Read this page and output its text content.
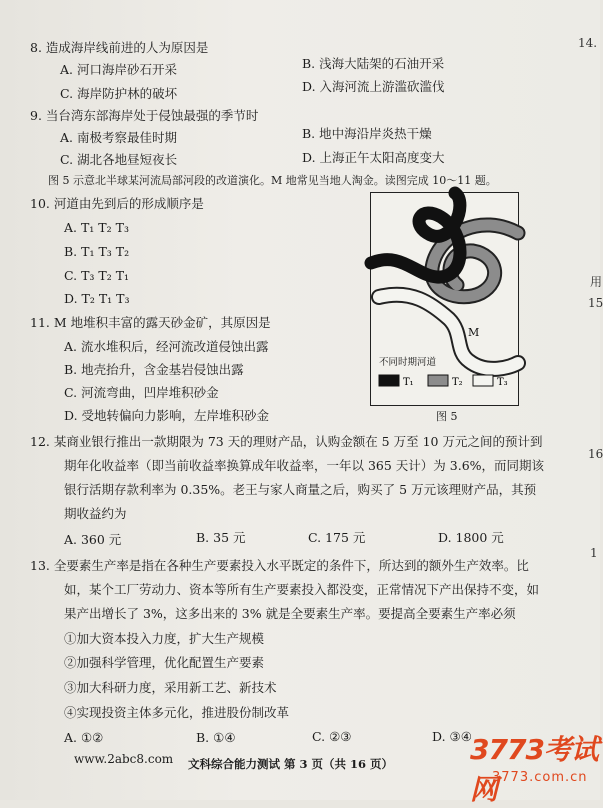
14.
用
15
16
1
8. 造成海岸线前进的人为原因是
A. 河口海岸砂石开采	B. 浅海大陆架的石油开采
C. 海岸防护林的破坏	D. 入海河流上游滥砍滥伐
9. 当台湾东部海岸处于侵蚀最强的季节时
A. 南极考察最佳时期	B. 地中海沿岸炎热干燥
C. 湖北各地昼短夜长	D. 上海正午太阳高度变大
图 5 示意北半球某河流局部河段的改道演化。M 地常见当地人淘金。读图完成 10～11 题。
10. 河道由先到后的形成顺序是
A. T₁ T₂ T₃
B. T₁ T₃ T₂
C. T₃ T₂ T₁
D. T₂ T₁ T₃
11. M 地堆积丰富的露天砂金矿，其原因是
A. 流水堆积后，经河流改道侵蚀出露
B. 地壳抬升，含金基岩侵蚀出露
C. 河流弯曲，凹岸堆积砂金
D. 受地转偏向力影响，左岸堆积砂金
M
不同时期河道
T₁	T₂	T₃
图 5
12. 某商业银行推出一款期限为 73 天的理财产品，认购金额在 5 万至 10 万元之间的预计到
期年化收益率（即当前收益率换算成年收益率，一年以 365 天计）为 3.6%，而同期该
银行活期存款利率为 0.35%。老王与家人商量之后，购买了 5 万元该理财产品，其预
期收益约为
A. 360 元	B. 35 元	C. 175 元	D. 1800 元
13. 全要素生产率是指在各种生产要素投入水平既定的条件下，所达到的额外生产效率。比
如，某个工厂劳动力、资本等所有生产要素投入都没变，正常情况下产出保持不变，如
果产出增长了 3%，这多出来的 3% 就是全要素生产率。要提高全要素生产率必须
①加大资本投入力度，扩大生产规模
②加强科学管理，优化配置生产要素
③加大科研力度，采用新工艺、新技术
④实现投资主体多元化，推进股份制改革
A. ①②	B. ①④	C. ②③	D. ③④
www.2abc8.com 文科综合能力测试 第 3 页（共 16 页）	3773考试网
3773.com.cn
